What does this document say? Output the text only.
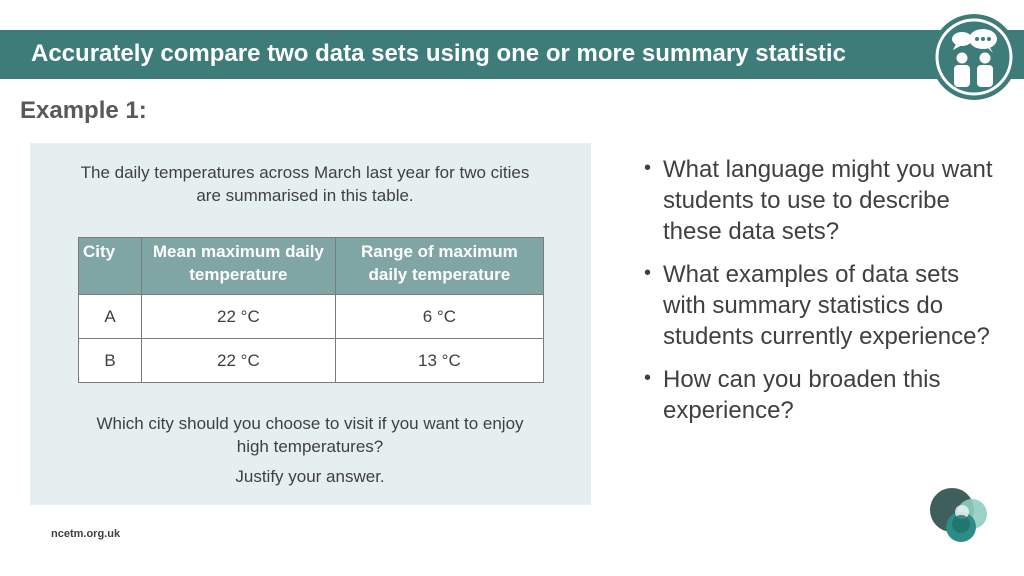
Accurately compare two data sets using one or more summary statistic
Example 1:
The daily temperatures across March last year for two cities are summarised in this table.
City	Mean maximum daily temperature	Range of maximum daily temperature
A	22 °C	6 °C
B	22 °C	13 °C
Which city should you choose to visit if you want to enjoy high temperatures?
Justify your answer.
• What language might you want students to use to describe these data sets?
• What examples of data sets with summary statistics do students currently experience?
• How can you broaden this experience?
ncetm.org.uk
